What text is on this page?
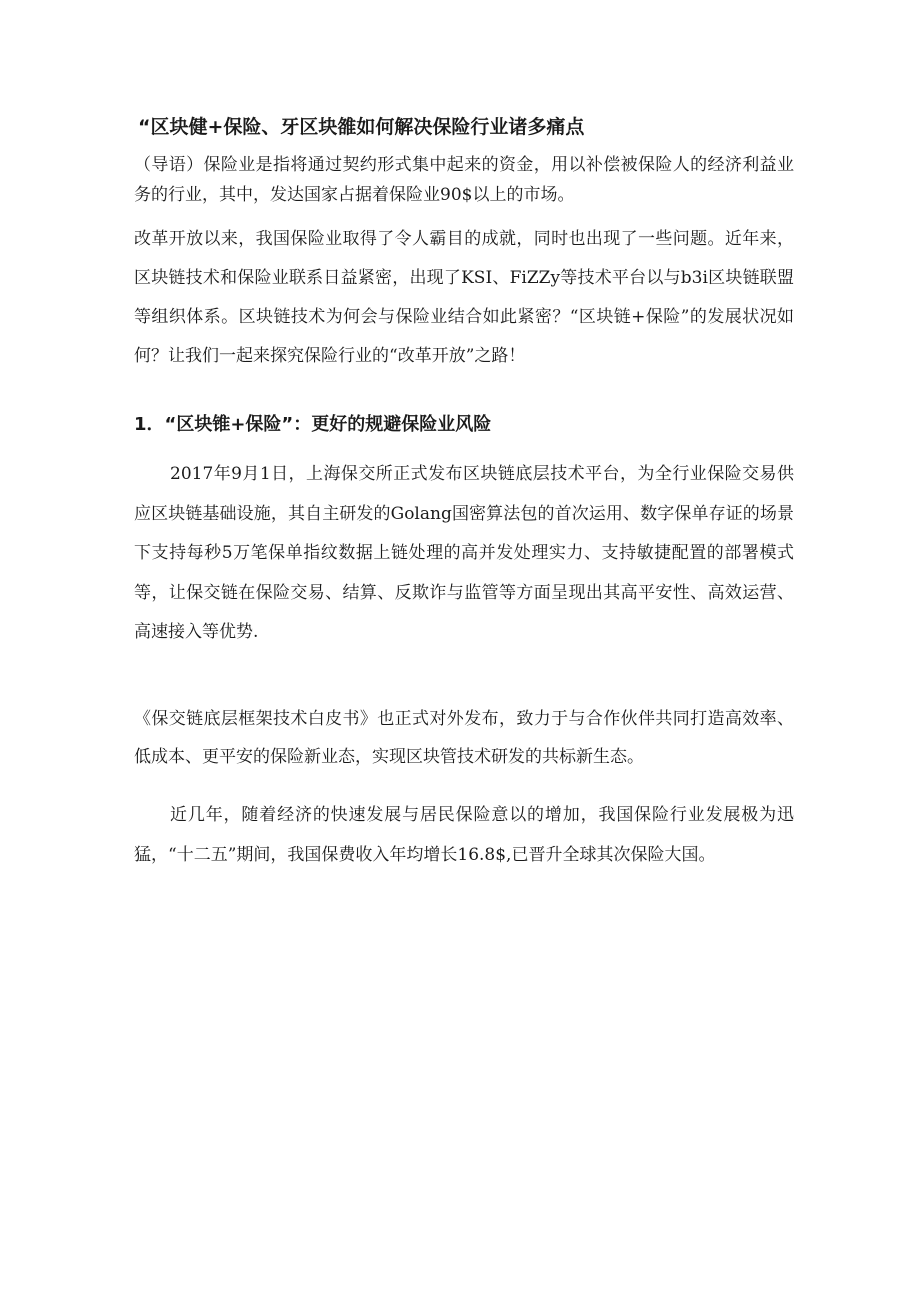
“区块健+保险、牙区块雒如何解决保险行业诸多痛点
（导语）保险业是指将通过契约形式集中起来的资金，用以补偿被保险人的经济利益业务的行业，其中，发达国家占据着保险业90$以上的市场。
改革开放以来，我国保险业取得了令人霸目的成就，同时也出现了一些问题。近年来，区块链技术和保险业联系日益紧密，出现了KSI、FiZZy等技术平台以与b3i区块链联盟等组织体系。区块链技术为何会与保险业结合如此紧密？“区块链+保险”的发展状况如何？让我们一起来探究保险行业的“改革开放”之路！
1．“区块锥+保险”：更好的规避保险业风险
2017年9月1日，上海保交所正式发布区块链底层技术平台，为全行业保险交易供应区块链基础设施，其自主研发的Golang国密算法包的首次运用、数字保单存证的场景下支持每秒5万笔保单指纹数据上链处理的高并发处理实力、支持敏捷配置的部署模式等，让保交链在保险交易、结算、反欺诈与监管等方面呈现出其高平安性、高效运营、高速接入等优势.
《保交链底层框架技术白皮书》也正式对外发布，致力于与合作伙伴共同打造高效率、低成本、更平安的保险新业态，实现区块管技术研发的共标新生态。
近几年，随着经济的快速发展与居民保险意以的增加，我国保险行业发展极为迅猛，“十二五”期间，我国保费收入年均增长16.8$,已晋升全球其次保险大国。
